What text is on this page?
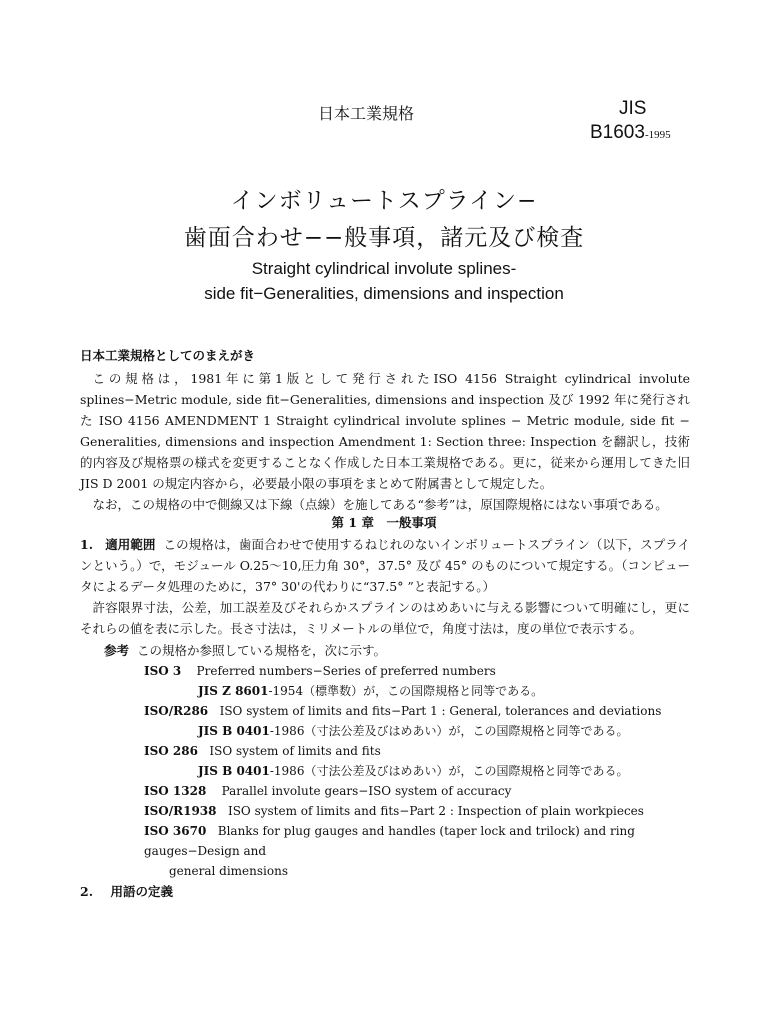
日本工業規格	JIS
B1603-1995
インボリュートスプライン−
歯面合わせ−−般事項，諸元及び検査
Straight cylindrical involute splines-
side fit−Generalities, dimensions and inspection
日本工業規格としてのまえがき

この規格は，1981年に第1版として発行されたISO 4156 Straight cylindrical involute splines−Metric module, side fit−Generalities, dimensions and inspection 及び 1992 年に発行された ISO 4156 AMENDMENT 1 Straight cylindrical involute splines − Metric module, side fit − Generalities, dimensions and inspection Amendment 1: Section three: Inspection を翻訳し，技術的内容及び規格票の様式を変更することなく作成した日本工業規格である。更に，従来から運用してきた旧 JIS D 2001 の規定内容から，必要最小限の事項をまとめて附属書として規定した。

なお，この規格の中で側線又は下線（点線）を施してある“参考”は，原国際規格にはない事項である。

第 1 章　一般事項

1. 適用範囲 この規格は，歯面合わせで使用するねじれのないインボリュートスプライン（以下，スプラインという。）で，モジュール O.25〜10,圧力角 30°，37.5° 及び 45° のものについて規定する。（コンピュータによるデータ処理のために，37° 30'の代わりに“37.5° ”と表記する。）

許容限界寸法，公差，加工誤差及びそれらかスプラインのはめあいに与える影響について明確にし，更にそれらの値を表に示した。長さ寸法は，ミリメートルの単位で，角度寸法は，度の単位で表示する。

参考 この規格か参照している規格を，次に示す。
ISO 3 Preferred numbers−Series of preferred numbers
JIS Z 8601-1954（標準数）が，この国際規格と同等である。
ISO/R286 ISO system of limits and fits−Part 1 : General, tolerances and deviations
JIS B 0401-1986（寸法公差及びはめあい）が，この国際規格と同等である。
ISO 286 ISO system of limits and fits
JIS B 0401-1986（寸法公差及びはめあい）が，この国際規格と同等である。
ISO 1328 Parallel involute gears−ISO system of accuracy
ISO/R1938 ISO system of limits and fits−Part 2 : Inspection of plain workpieces
ISO 3670 Blanks for plug gauges and handles (taper lock and trilock) and ring gauges−Design and
general dimensions
2. 用語の定義
